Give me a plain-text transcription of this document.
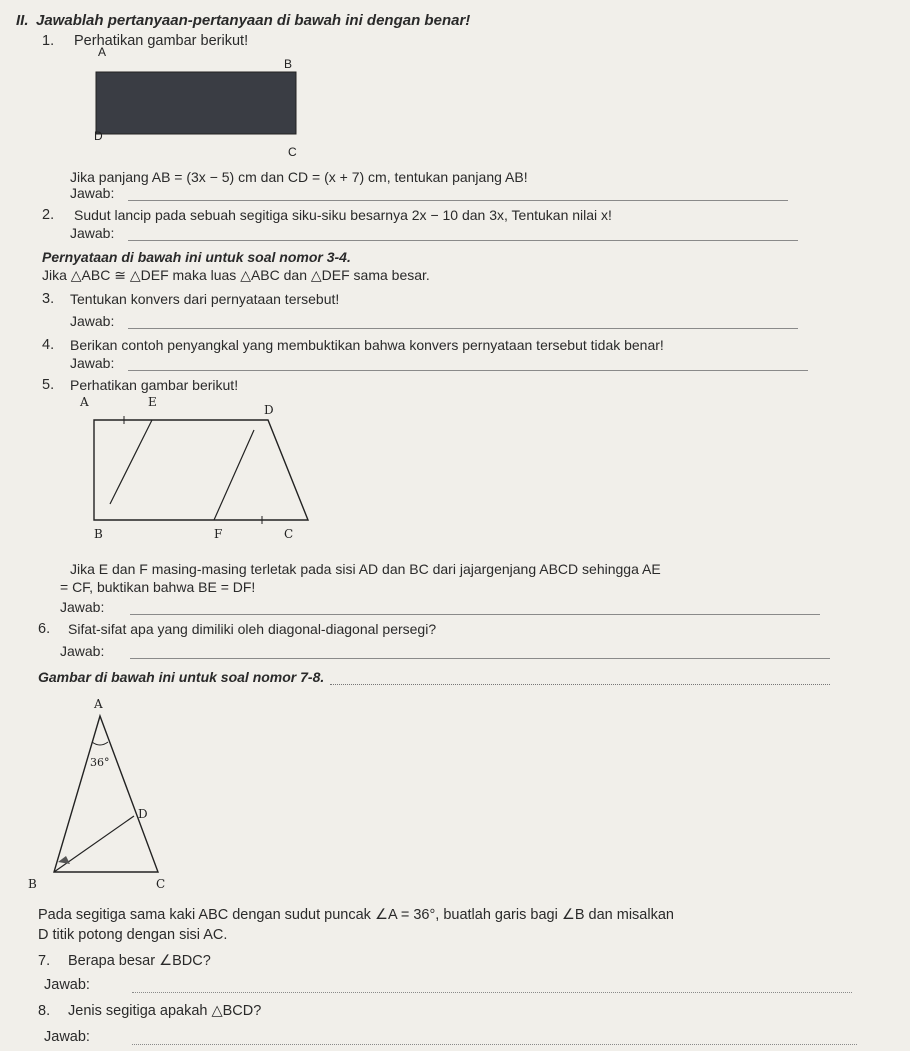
II. Jawablah pertanyaan-pertanyaan di bawah ini dengan benar!
1. Perhatikan gambar berikut!
A
B
C
D
Jika panjang AB = (3x − 5) cm dan CD = (x + 7) cm, tentukan panjang AB!
Jawab:
2. Sudut lancip pada sebuah segitiga siku-siku besarnya 2x − 10 dan 3x, Tentukan nilai x!
Jawab:
Pernyataan di bawah ini untuk soal nomor 3-4.
Jika △ABC ≅ △DEF maka luas △ABC dan △DEF sama besar.
3. Tentukan konvers dari pernyataan tersebut!
Jawab:
4. Berikan contoh penyangkal yang membuktikan bahwa konvers pernyataan tersebut tidak benar!
Jawab:
5. Perhatikan gambar berikut!
A	E
D
B	F	C
Jika E dan F masing-masing terletak pada sisi AD dan BC dari jajargenjang ABCD sehingga AE
= CF, buktikan bahwa BE = DF!
Jawab:
6. Sifat-sifat apa yang dimiliki oleh diagonal-diagonal persegi?
Jawab:
Gambar di bawah ini untuk soal nomor 7-8.
A
36°
D
B	C
Pada segitiga sama kaki ABC dengan sudut puncak ∠A = 36°, buatlah garis bagi ∠B dan misalkan
D titik potong dengan sisi AC.
7. Berapa besar ∠BDC?
Jawab:
8. Jenis segitiga apakah △BCD?
Jawab:
